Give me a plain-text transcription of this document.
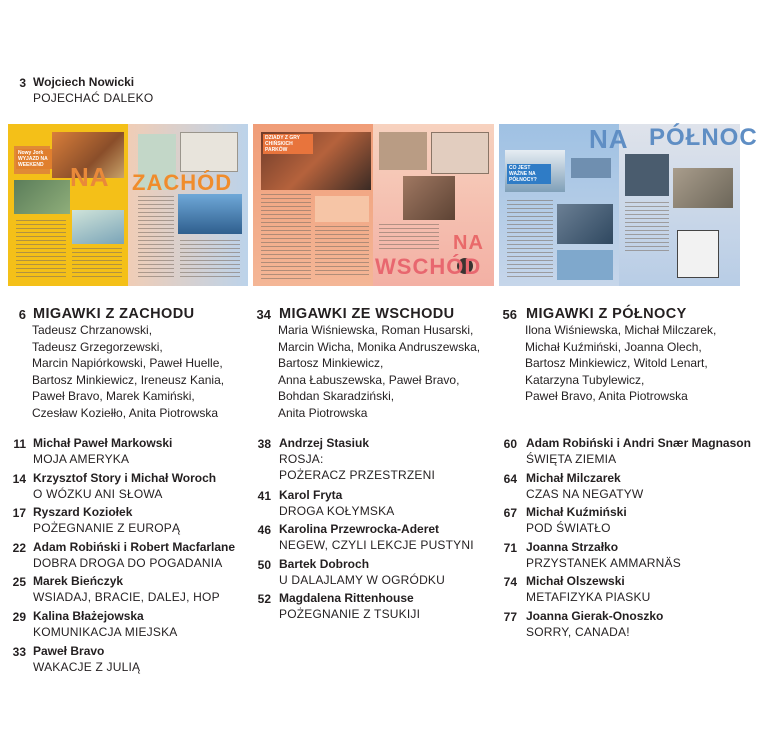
3 Wojciech Nowicki
POJECHAĆ DALEKO
Nowy Jork WYJAZD NA WEEKEND	NA ZACHÓD
DZIADY Z GRY CHIŃSKICH PARKÓW
NA
WSCHÓD
CO JEST WAŻNE NA PÓŁNOCY?
NA PÓŁNOC
6 MIGAWKI Z ZACHODU
Tadeusz Chrzanowski,
Tadeusz Grzegorzewski,
Marcin Napiórkowski, Paweł Huelle,
Bartosz Minkiewicz, Ireneusz Kania,
Paweł Bravo, Marek Kamiński,
Czesław Koziełło, Anita Piotrowska
11 Michał Paweł Markowski
MOJA AMERYKA
14 Krzysztof Story i Michał Woroch
O WÓZKU ANI SŁOWA
17 Ryszard Koziołek
POŻEGNANIE Z EUROPĄ
22 Adam Robiński i Robert Macfarlane
DOBRA DROGA DO POGADANIA
25 Marek Bieńczyk
WSIADAJ, BRACIE, DALEJ, HOP
29 Kalina Błażejowska
KOMUNIKACJA MIEJSKA
33 Paweł Bravo
WAKACJE Z JULIĄ
34 MIGAWKI ZE WSCHODU
Maria Wiśniewska, Roman Husarski,
Marcin Wicha, Monika Andruszewska,
Bartosz Minkiewicz,
Anna Łabuszewska, Paweł Bravo,
Bohdan Skaradziński,
Anita Piotrowska
38 Andrzej Stasiuk
ROSJA:
POŻERACZ PRZESTRZENI
41 Karol Fryta
DROGA KOŁYMSKA
46 Karolina Przewrocka-Aderet
NEGEW, CZYLI LEKCJE PUSTYNI
50 Bartek Dobroch
U DALAJLAMY W OGRÓDKU
52 Magdalena Rittenhouse
POŻEGNANIE Z TSUKIJI
56 MIGAWKI Z PÓŁNOCY
Ilona Wiśniewska, Michał Milczarek,
Michał Kuźmiński, Joanna Olech,
Bartosz Minkiewicz, Witold Lenart,
Katarzyna Tubylewicz,
Paweł Bravo, Anita Piotrowska
60 Adam Robiński i Andri Snær Magnason
ŚWIĘTA ZIEMIA
64 Michał Milczarek
CZAS NA NEGATYW
67 Michał Kuźmiński
POD ŚWIATŁO
71 Joanna Strzałko
PRZYSTANEK AMMARNÄS
74 Michał Olszewski
METAFIZYKA PIASKU
77 Joanna Gierak-Onoszko
SORRY, CANADA!
